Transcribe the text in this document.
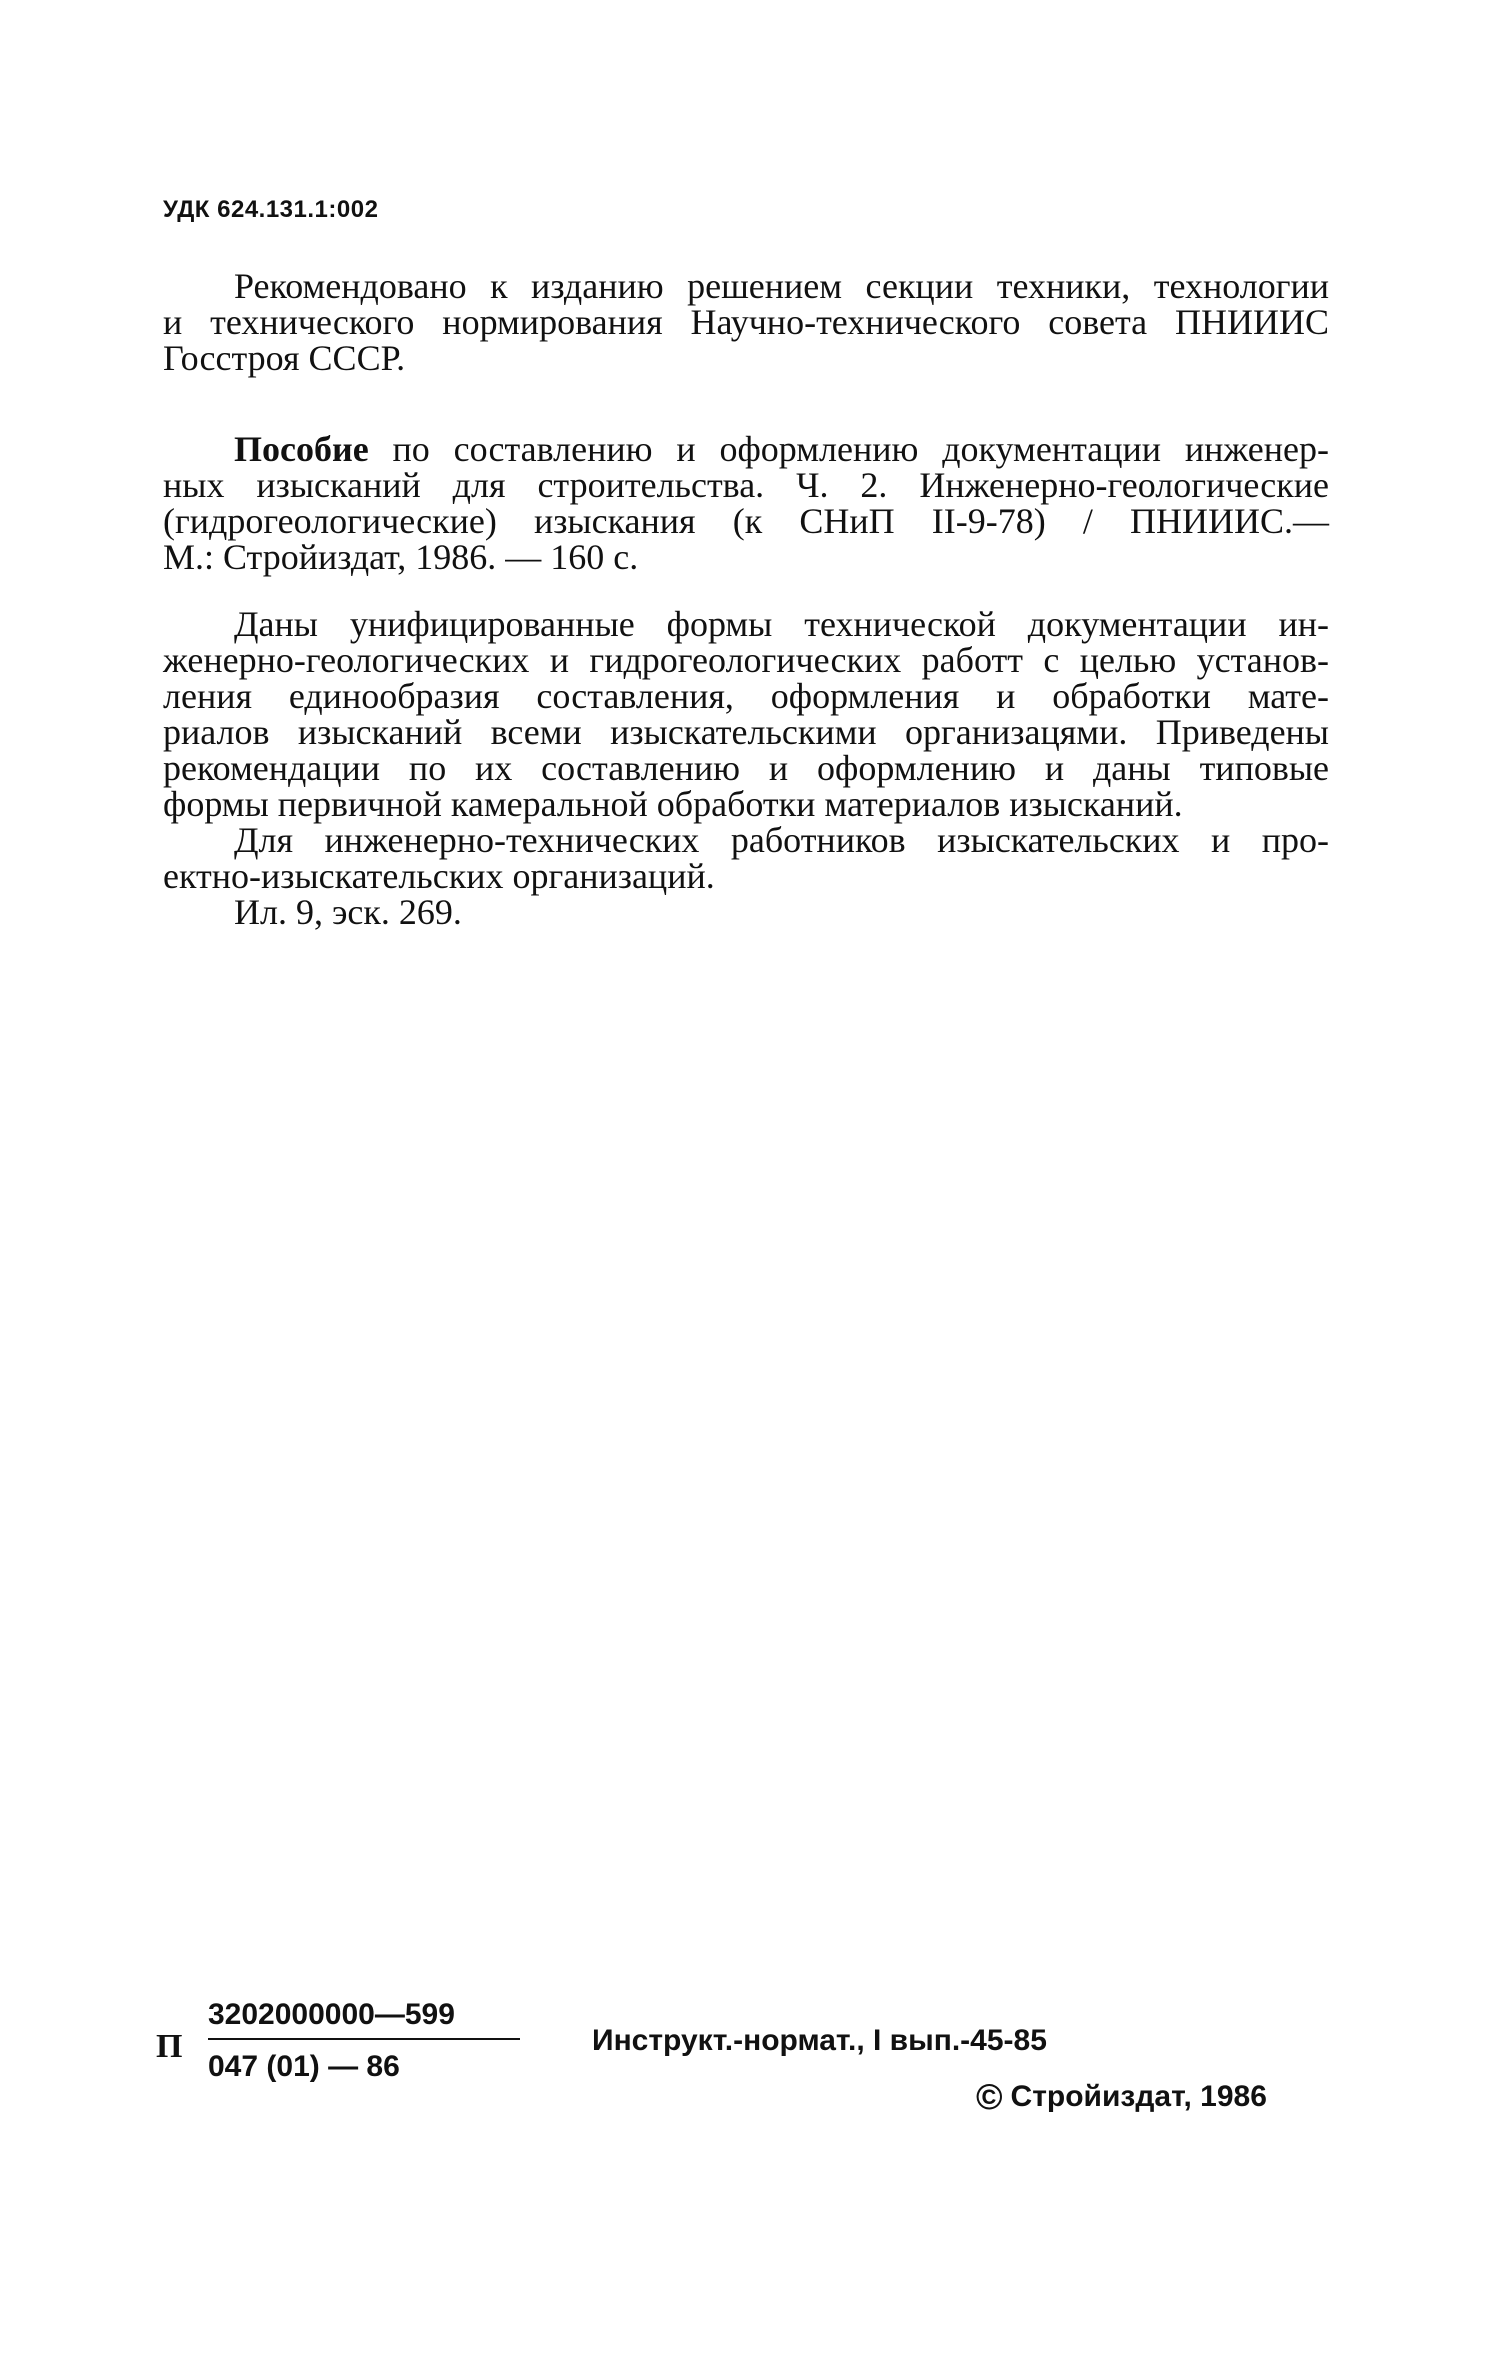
УДК 624.131.1:002

Рекомендовано к изданию решением секции техники, технологии
и технического нормирования Научно-технического совета ПНИИИС
Госстроя СССР.

Пособие по составлению и оформлению документации инженер-
ных изысканий для строительства. Ч. 2. Инженерно-геологические
(гидрогеологические) изыскания (к СНиП II-9-78) / ПНИИИС.—
М.: Стройиздат, 1986. — 160 с.

Даны унифицированные формы технической документации ин-
женерно-геологических и гидрогеологических работт с целью установ-
ления единообразия составления, оформления и обработки мате-
риалов изысканий всеми изыскательскими организацями. Приведены
рекомендации по их составлению и оформлению и даны типовые
формы первичной камеральной обработки материалов изысканий.
Для инженерно-технических работников изыскательских и про-
ектно-изыскательских организаций.
Ил. 9, эск. 269.

П
3202000000—599
047 (01) — 86
Инструкт.-нормат., I вып.-45-85
© Стройиздат, 1986
